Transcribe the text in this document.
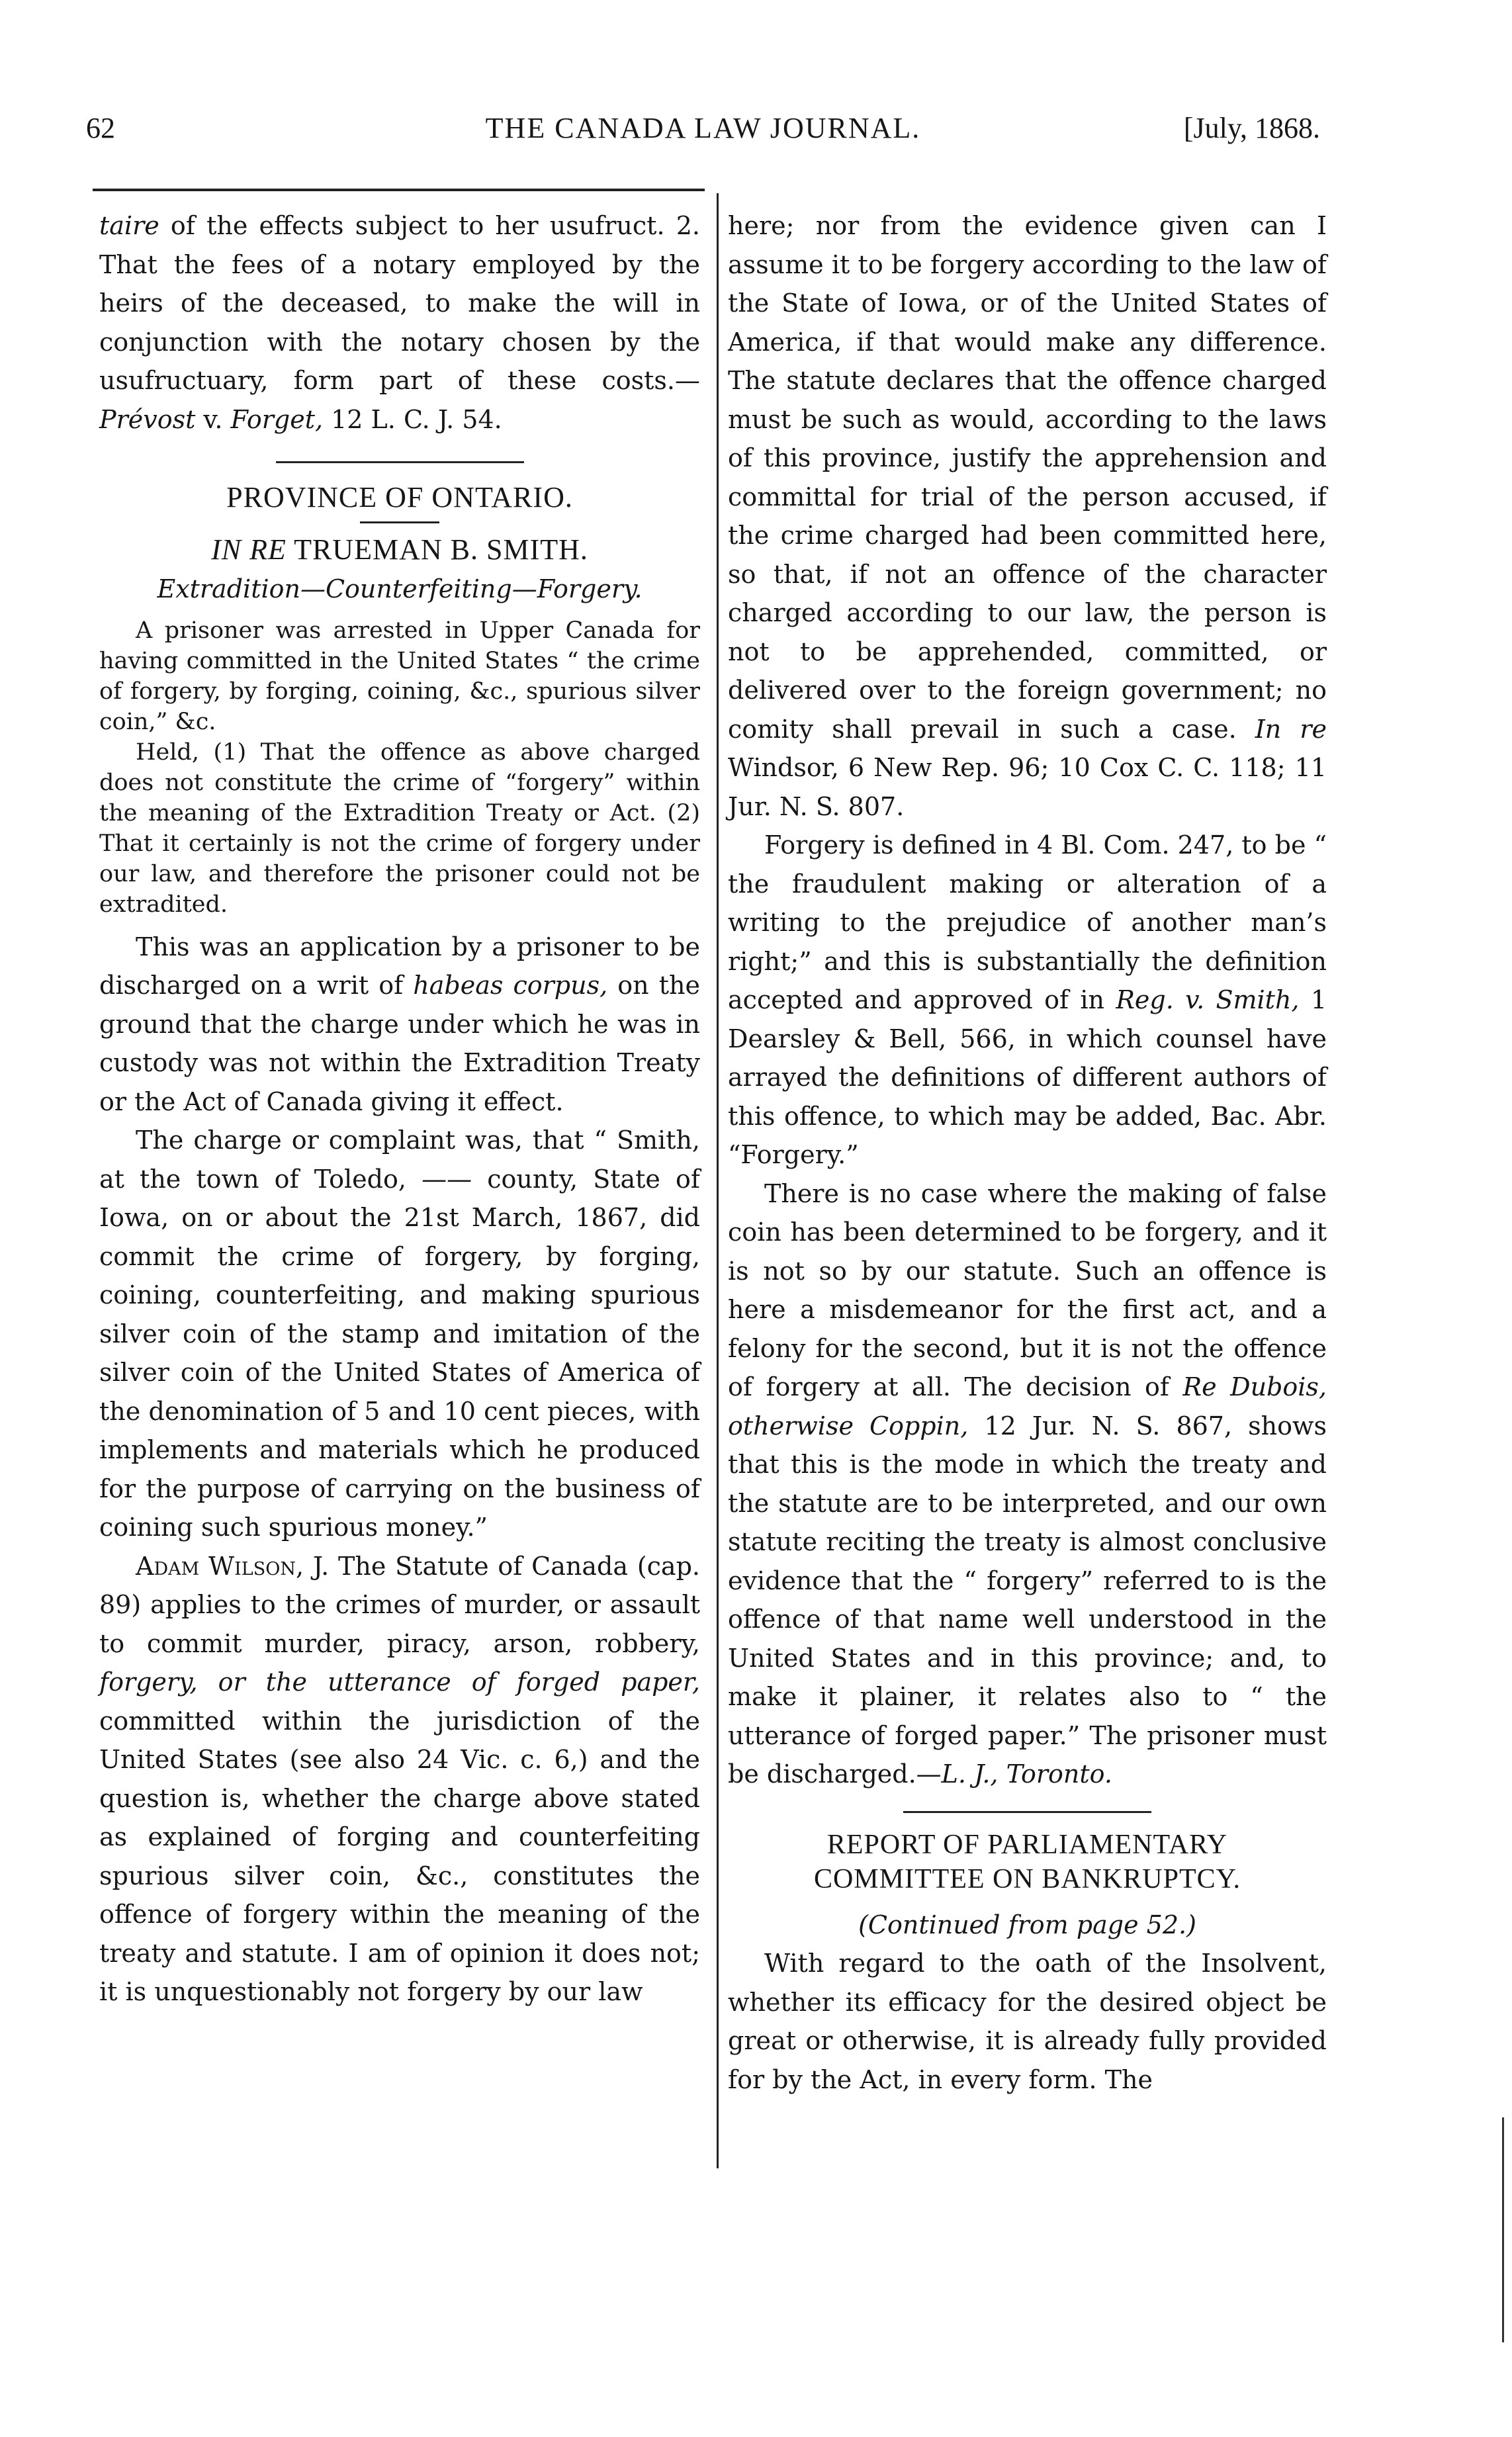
62	THE CANADA LAW JOURNAL.	[July, 1868.

taire of the effects subject to her usufruct. 2. That the fees of a notary employed by the heirs of the deceased, to make the will in conjunction with the notary chosen by the usufructuary, form part of these costs.—Prévost v. Forget, 12 L. C. J. 54.

PROVINCE OF ONTARIO.

IN RE TRUEMAN B. SMITH.

Extradition—Counterfeiting—Forgery.

A prisoner was arrested in Upper Canada for having committed in the United States “ the crime of forgery, by forging, coining, &c., spurious silver coin,” &c.

Held, (1) That the offence as above charged does not constitute the crime of “forgery” within the meaning of the Extradition Treaty or Act. (2) That it certainly is not the crime of forgery under our law, and therefore the prisoner could not be extradited.

This was an application by a prisoner to be discharged on a writ of habeas corpus, on the ground that the charge under which he was in custody was not within the Extradition Treaty or the Act of Canada giving it effect.

The charge or complaint was, that “ Smith, at the town of Toledo, —— county, State of Iowa, on or about the 21st March, 1867, did commit the crime of forgery, by forging, coining, counterfeiting, and making spurious silver coin of the stamp and imitation of the silver coin of the United States of America of the denomination of 5 and 10 cent pieces, with implements and materials which he produced for the purpose of carrying on the business of coining such spurious money.”

Adam Wilson, J. The Statute of Canada (cap. 89) applies to the crimes of murder, or assault to commit murder, piracy, arson, robbery, forgery, or the utterance of forged paper, committed within the jurisdiction of the United States (see also 24 Vic. c. 6,) and the question is, whether the charge above stated as explained of forging and counterfeiting spurious silver coin, &c., constitutes the offence of forgery within the meaning of the treaty and statute. I am of opinion it does not; it is unquestionably not forgery by our law

here; nor from the evidence given can I assume it to be forgery according to the law of the State of Iowa, or of the United States of America, if that would make any difference. The statute declares that the offence charged must be such as would, according to the laws of this province, justify the apprehension and committal for trial of the person accused, if the crime charged had been committed here, so that, if not an offence of the character charged according to our law, the person is not to be apprehended, committed, or delivered over to the foreign government; no comity shall prevail in such a case. In re Windsor, 6 New Rep. 96; 10 Cox C. C. 118; 11 Jur. N. S. 807.

Forgery is defined in 4 Bl. Com. 247, to be “ the fraudulent making or alteration of a writing to the prejudice of another man’s right;” and this is substantially the definition accepted and approved of in Reg. v. Smith, 1 Dearsley & Bell, 566, in which counsel have arrayed the definitions of different authors of this offence, to which may be added, Bac. Abr. “Forgery.”

There is no case where the making of false coin has been determined to be forgery, and it is not so by our statute. Such an offence is here a misdemeanor for the first act, and a felony for the second, but it is not the offence of forgery at all. The decision of Re Dubois, otherwise Coppin, 12 Jur. N. S. 867, shows that this is the mode in which the treaty and the statute are to be interpreted, and our own statute reciting the treaty is almost conclusive evidence that the “ forgery” referred to is the offence of that name well understood in the United States and in this province; and, to make it plainer, it relates also to “ the utterance of forged paper.” The prisoner must be discharged.—L. J., Toronto.

REPORT OF PARLIAMENTARY COMMITTEE ON BANKRUPTCY.

(Continued from page 52.)

With regard to the oath of the Insolvent, whether its efficacy for the desired object be great or otherwise, it is already fully provided for by the Act, in every form. The
